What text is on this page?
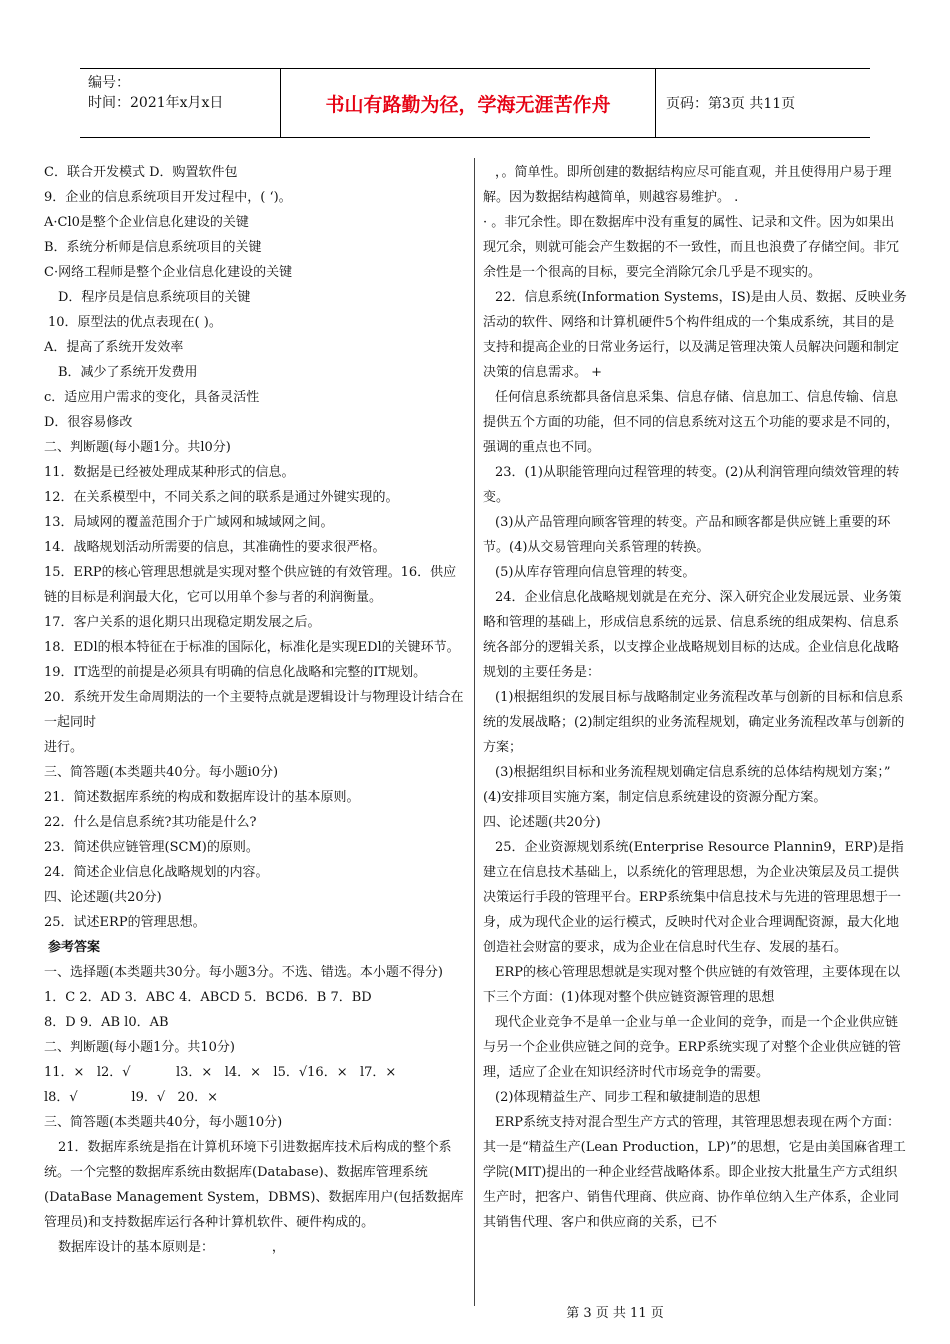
编号：
时间：2021年x月x日	书山有路勤为径，学海无涯苦作舟	页码：第3页 共11页
C．联合开发模式 D．购置软件包
9．企业的信息系统项目开发过程中，( ‘)。
A·Cl0是整个企业信息化建设的关键
B．系统分析师是信息系统项目的关键
C·网络工程师是整个企业信息化建设的关键
D．程序员是信息系统项目的关键
10．原型法的优点表现在( )。
A．提高了系统开发效率
B．减少了系统开发费用
c．适应用户需求的变化，具备灵活性
D．很容易修改
二、判断题(每小题1分。共l0分)
11．数据是已经被处理成某种形式的信息。
12．在关系模型中，不同关系之间的联系是通过外键实现的。
13．局域网的覆盖范围介于广域网和城域网之间。
14．战略规划活动所需要的信息，其准确性的要求很严格。
15．ERP的核心管理思想就是实现对整个供应链的有效管理。16．供应链的目标是利润最大化，它可以用单个参与者的利润衡量。
17．客户关系的退化期只出现稳定期发展之后。
18．EDl的根本特征在于标准的国际化，标准化是实现EDl的关键环节。
19．IT选型的前提是必须具有明确的信息化战略和完整的IT规划。
20．系统开发生命周期法的一个主要特点就是逻辑设计与物理设计结合在一起同时
进行。
三、简答题(本类题共40分。每小题i0分)
21．简述数据库系统的构成和数据库设计的基本原则。
22．什么是信息系统?其功能是什么?
23．简述供应链管理(SCM)的原则。
24．简述企业信息化战略规划的内容。
四、论述题(共20分)
25．试述ERP的管理思想。
参考答案
一、选择题(本类题共30分。每小题3分。不选、错选。本小题不得分)
1．C 2．AD 3．ABC 4．ABCD 5．BCD6．B 7．BD
8．D 9．AB l0．AB
二、判断题(每小题1分。共10分)
11．×   l2．√           l3．×   l4．×   l5．√16．×   l7．×
l8．√             l9．√   20．×
三、简答题(本类题共40分，每小题10分)
21．数据库系统是指在计算机环境下引进数据库技术后构成的整个系统。一个完整的数据库系统由数据库(Database)、数据库管理系统(DataBase Management System，DBMS)、数据库用户(包括数据库管理员)和支持数据库运行各种计算机软件、硬件构成的。
数据库设计的基本原则是：              ，
，。简单性。即所创建的数据结构应尽可能直观，并且使得用户易于理解。因为数据结构越简单，则越容易维护。 .
· 。非冗余性。即在数据库中没有重复的属性、记录和文件。因为如果出现冗余，则就可能会产生数据的不一致性，而且也浪费了存储空间。非冗余性是一个很高的目标，要完全消除冗余几乎是不现实的。
22．信息系统(Information Systems，IS)是由人员、数据、反映业务活动的软件、网络和计算机硬件5个构件组成的一个集成系统，其目的是支持和提高企业的日常业务运行，以及满足管理决策人员解决问题和制定决策的信息需求。 +
任何信息系统都具备信息采集、信息存储、信息加工、信息传输、信息提供五个方面的功能，但不同的信息系统对这五个功能的要求是不同的，强调的重点也不同。
23．(1)从职能管理向过程管理的转变。(2)从利润管理向绩效管理的转变。
(3)从产品管理向顾客管理的转变。产品和顾客都是供应链上重要的环节。(4)从交易管理向关系管理的转换。
(5)从库存管理向信息管理的转变。
24．企业信息化战略规划就是在充分、深入研究企业发展远景、业务策略和管理的基础上，形成信息系统的远景、信息系统的组成架构、信息系统各部分的逻辑关系，以支撑企业战略规划目标的达成。企业信息化战略规划的主要任务是：
(1)根据组织的发展目标与战略制定业务流程改革与创新的目标和信息系统的发展战略；(2)制定组织的业务流程规划，确定业务流程改革与创新的方案；
(3)根据组织目标和业务流程规划确定信息系统的总体结构规划方案；” (4)安排项目实施方案，制定信息系统建设的资源分配方案。
四、论述题(共20分)
25．企业资源规划系统(Enterprise Resource Plannin9，ERP)是指建立在信息技术基础上，以系统化的管理思想，为企业决策层及员工提供决策运行手段的管理平台。ERP系统集中信息技术与先进的管理思想于一身，成为现代企业的运行模式，反映时代对企业合理调配资源，最大化地创造社会财富的要求，成为企业在信息时代生存、发展的基石。
ERP的核心管理思想就是实现对整个供应链的有效管理，主要体现在以下三个方面：(1)体现对整个供应链资源管理的思想
现代企业竞争不是单一企业与单一企业间的竞争，而是一个企业供应链与另一个企业供应链之间的竞争。ERP系统实现了对整个企业供应链的管理，适应了企业在知识经济时代市场竞争的需要。
(2)体现精益生产、同步工程和敏捷制造的思想
ERP系统支持对混合型生产方式的管理，其管理思想表现在两个方面：其一是“精益生产(Lean Production，LP)”的思想，它是由美国麻省理工学院(MIT)提出的一种企业经营战略体系。即企业按大批量生产方式组织生产时，把客户、销售代理商、供应商、协作单位纳入生产体系，企业同其销售代理、客户和供应商的关系，已不
第 3 页 共 11 页
